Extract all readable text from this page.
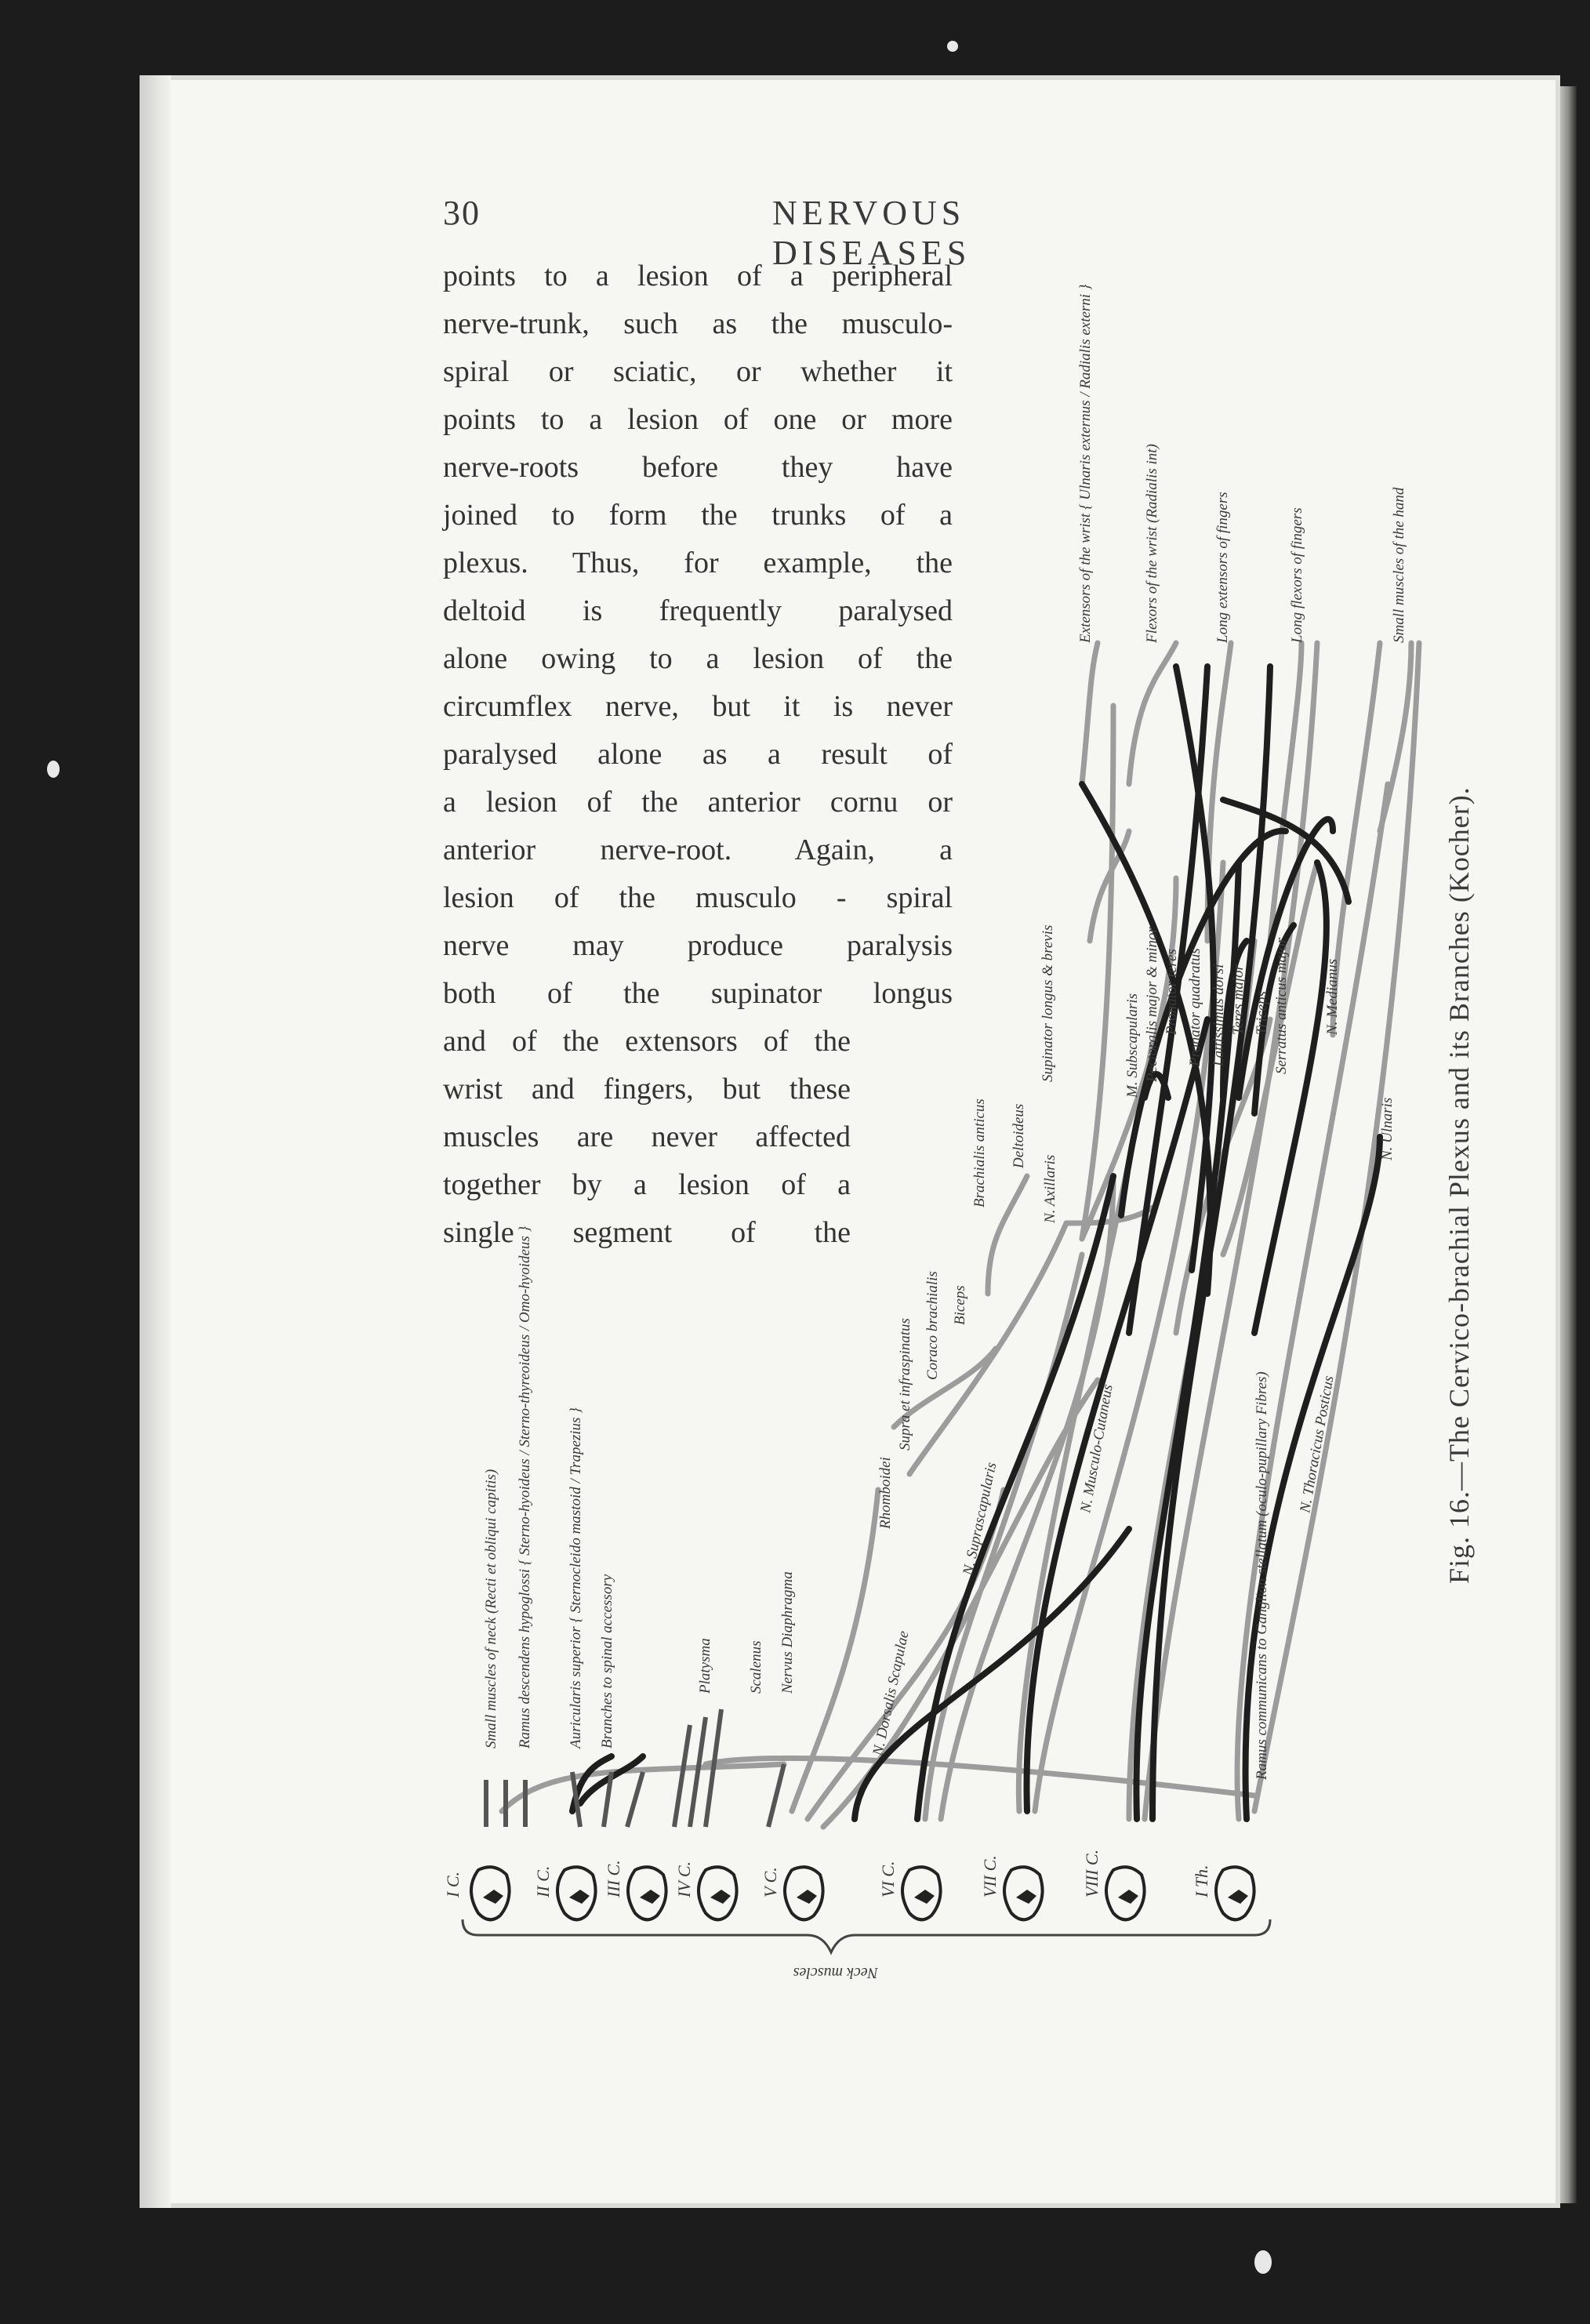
30	NERVOUS DISEASES
points to a lesion of a peripheral
nerve-trunk, such as the musculo-
spiral or sciatic, or whether it
points to a lesion of one or more
nerve-roots before they have
joined to form the trunks of a
plexus. Thus, for example, the
deltoid is frequently paralysed
alone owing to a lesion of the
circumflex nerve, but it is never
paralysed alone as a result of
a lesion of the anterior cornu or
anterior nerve-root. Again, a
lesion of the musculo - spiral
nerve may produce paralysis
both of the supinator longus
and of the extensors of the
wrist and fingers, but these
muscles are never affected
together by a lesion of a
single segment of the	Fig. 16.—The Cervico-brachial Plexus and its Branches (Kocher).
I C.	II C.	III C.	IV C.	V C.	VI C.	VII C.	VIII C.	I Th.
Neck muscles
Small muscles of neck (Recti et obliqui capitis) Ramus descendens hypoglossi { Sterno-hyoideus / Sterno-thyreoideus / Omo-hyoideus } Auricularis superior { Sternocleido mastoid / Trapezius } Branches to spinal accessory	Platysma Scalenus Nervus Diaphragma
Rhomboidei
Supra et infraspinatus Coraco brachialis Biceps
Brachialis anticus Deltoideus
N. Axillaris
Supinator longus & brevis
Extensors of the wrist { Ulnaris externus / Radialis externi }	Flexors of the wrist (Radialis int)	Long extensors of fingers	Long flexors of fingers	Small muscles of the hand
M. Subscapularis Pectoralis major & minor Pronator teres Pronator quadratus Lattissimus dorsi Teres major Triceps Serratus anticus major N. Medianus
N. Ulnaris
N. Thoracicus Posticus
N. Musculo-Cutaneus
N. Suprascapularis
N. Dorsalis Scapulae	Ramus communicans to Ganglion stellatum (oculo-pupillary Fibres)
